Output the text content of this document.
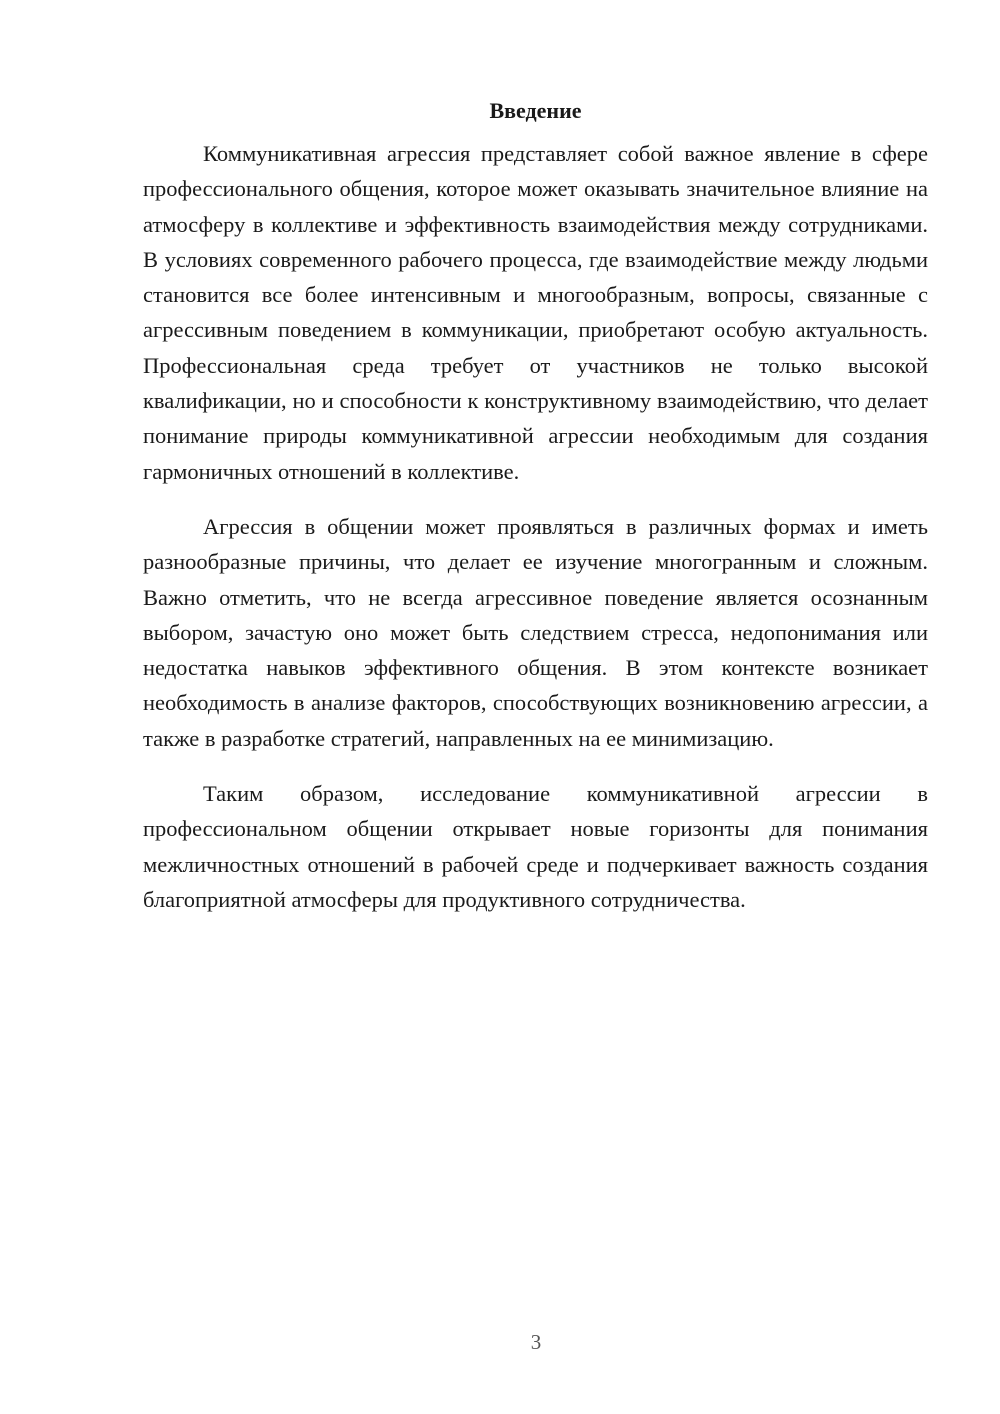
Введение

Коммуникативная агрессия представляет собой важное явление в сфере профессионального общения, которое может оказывать значительное влияние на атмосферу в коллективе и эффективность взаимодействия между сотрудниками. В условиях современного рабочего процесса, где взаимодействие между людьми становится все более интенсивным и многообразным, вопросы, связанные с агрессивным поведением в коммуникации, приобретают особую актуальность. Профессиональная среда требует от участников не только высокой квалификации, но и способности к конструктивному взаимодействию, что делает понимание природы коммуникативной агрессии необходимым для создания гармоничных отношений в коллективе.

Агрессия в общении может проявляться в различных формах и иметь разнообразные причины, что делает ее изучение многогранным и сложным. Важно отметить, что не всегда агрессивное поведение является осознанным выбором, зачастую оно может быть следствием стресса, недопонимания или недостатка навыков эффективного общения. В этом контексте возникает необходимость в анализе факторов, способствующих возникновению агрессии, а также в разработке стратегий, направленных на ее минимизацию.

Таким образом, исследование коммуникативной агрессии в профессиональном общении открывает новые горизонты для понимания межличностных отношений в рабочей среде и подчеркивает важность создания благоприятной атмосферы для продуктивного сотрудничества.

3
